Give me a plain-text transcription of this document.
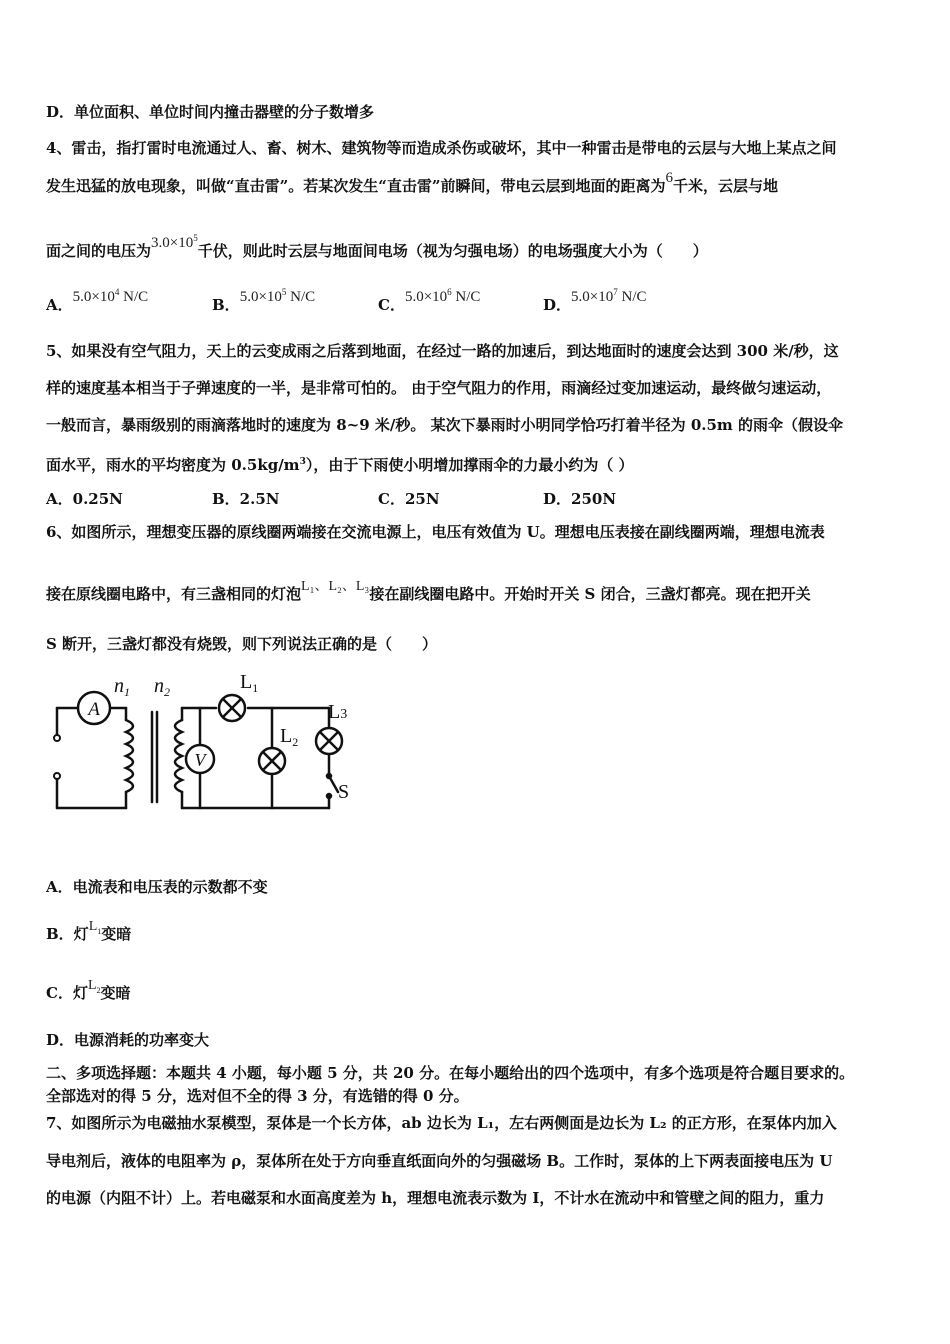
D．单位面积、单位时间内撞击器壁的分子数增多
4、雷击，指打雷时电流通过人、畜、树木、建筑物等而造成杀伤或破坏，其中一种雷击是带电的云层与大地上某点之间
发生迅猛的放电现象，叫做“直击雷”。若某次发生“直击雷”前瞬间，带电云层到地面的距离为6千米，云层与地
面之间的电压为$3.0\times 10^5$千伏，则此时云层与地面间电场（视为匀强电场）的电场强度大小为（　　）
A．$5.0\times 10^4$ N/C	B．$5.0\times 10^5$ N/C	C．$5.0\times 10^6$ N/C	D．$5.0\times 10^7$ N/C
5、如果没有空气阻力，天上的云变成雨之后落到地面，在经过一路的加速后，到达地面时的速度会达到 300 米/秒，这
样的速度基本相当于子弹速度的一半，是非常可怕的。 由于空气阻力的作用，雨滴经过变加速运动，最终做匀速运动，
一般而言，暴雨级别的雨滴落地时的速度为 8~9 米/秒。 某次下暴雨时小明同学恰巧打着半径为 0.5m 的雨伞（假设伞
面水平，雨水的平均密度为 $0.5kg/m^3$），由于下雨使小明增加撑雨伞的力最小约为（ ）
A．0.25N	B．2.5N	C．25N	D．250N
6、如图所示，理想变压器的原线圈两端接在交流电源上，电压有效值为 U。理想电压表接在副线圈两端，理想电流表
接在原线圈电路中，有三盏相同的灯泡L₁、L₂、L₃接在副线圈电路中。开始时开关 S 闭合，三盏灯都亮。现在把开关
S 断开，三盏灯都没有烧毁，则下列说法正确的是（　　）
A
V
$n_1$ $n_2$	$L_1$
$L_2$
L3
S
A．电流表和电压表的示数都不变
B．灯$L_1$变暗
C．灯$L_2$变暗
D．电源消耗的功率变大
二、多项选择题：本题共 4 小题，每小题 5 分，共 20 分。在每小题给出的四个选项中，有多个选项是符合题目要求的。
全部选对的得 5 分，选对但不全的得 3 分，有选错的得 0 分。
7、如图所示为电磁抽水泵模型，泵体是一个长方体，ab 边长为 L₁，左右两侧面是边长为 L₂ 的正方形，在泵体内加入
导电剂后，液体的电阻率为 ρ，泵体所在处于方向垂直纸面向外的匀强磁场 B。工作时，泵体的上下两表面接电压为 U
的电源（内阻不计）上。若电磁泵和水面高度差为 h，理想电流表示数为 I，不计水在流动中和管壁之间的阻力，重力
